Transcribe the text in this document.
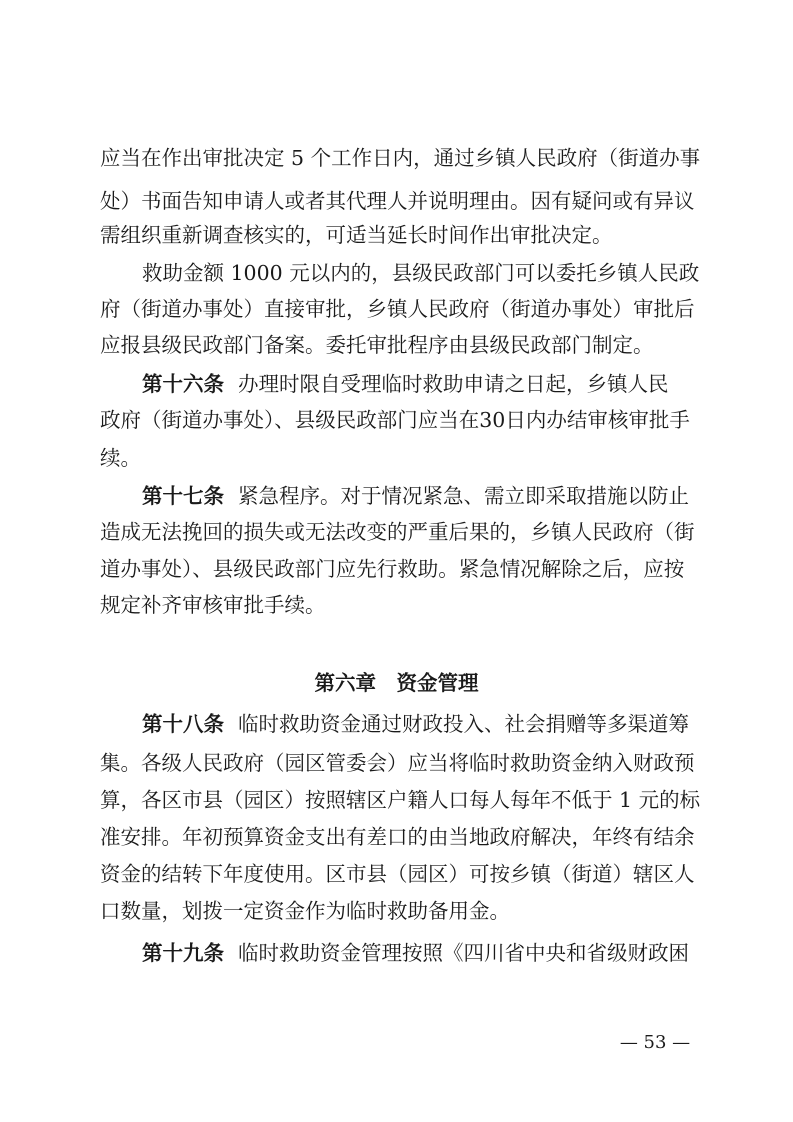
应当在作出审批决定 5 个工作日内，通过乡镇人民政府（街道办事
处）书面告知申请人或者其代理人并说明理由。因有疑问或有异议
需组织重新调查核实的，可适当延长时间作出审批决定。
救助金额 1000 元以内的，县级民政部门可以委托乡镇人民政
府（街道办事处）直接审批，乡镇人民政府（街道办事处）审批后
应报县级民政部门备案。委托审批程序由县级民政部门制定。
第十六条 办理时限自受理临时救助申请之日起，乡镇人民
政府（街道办事处）、县级民政部门应当在30日内办结审核审批手
续。
第十七条 紧急程序。对于情况紧急、需立即采取措施以防止
造成无法挽回的损失或无法改变的严重后果的，乡镇人民政府（街
道办事处）、县级民政部门应先行救助。紧急情况解除之后，应按
规定补齐审核审批手续。
第六章　资金管理
第十八条 临时救助资金通过财政投入、社会捐赠等多渠道筹
集。各级人民政府（园区管委会）应当将临时救助资金纳入财政预
算，各区市县（园区）按照辖区户籍人口每人每年不低于 1 元的标
准安排。年初预算资金支出有差口的由当地政府解决，年终有结余
资金的结转下年度使用。区市县（园区）可按乡镇（街道）辖区人
口数量，划拨一定资金作为临时救助备用金。
第十九条 临时救助资金管理按照《四川省中央和省级财政困
— 53 —
